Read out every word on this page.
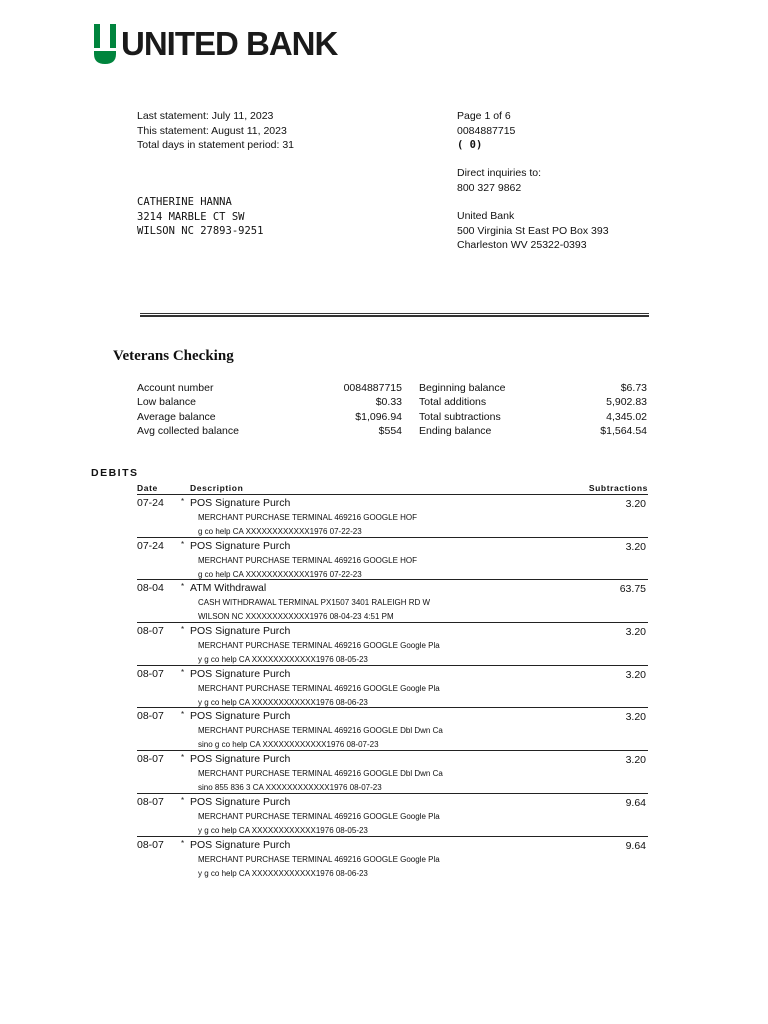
UNITED BANK
Last statement: July 11, 2023
This statement: August 11, 2023
Total days in statement period: 31
Page 1 of 6
0084887715
( 0)
Direct inquiries to:
800 327 9862
United Bank
500 Virginia St East PO Box 393
Charleston WV 25322-0393
CATHERINE HANNA
3214 MARBLE CT SW
WILSON NC 27893-9251
Veterans Checking
Account number	0084887715	Beginning balance	$6.73
Low balance	$0.33	Total additions	5,902.83
Average balance	$1,096.94	Total subtractions	4,345.02
Avg collected balance	$554	Ending balance	$1,564.54
DEBITS
Date	Description	Subtractions
07-24 * POS Signature Purch	3.20
MERCHANT PURCHASE TERMINAL 469216 GOOGLE HOF
g co help CA XXXXXXXXXXXX1976 07-22-23
07-24 * POS Signature Purch	3.20
MERCHANT PURCHASE TERMINAL 469216 GOOGLE HOF
g co help CA XXXXXXXXXXXX1976 07-22-23
08-04 * ATM Withdrawal	63.75
CASH WITHDRAWAL TERMINAL PX1507 3401 RALEIGH RD W
WILSON NC XXXXXXXXXXXX1976 08-04-23 4:51 PM
08-07 * POS Signature Purch	3.20
MERCHANT PURCHASE TERMINAL 469216 GOOGLE Google Pla
y g co help CA XXXXXXXXXXXX1976 08-05-23
08-07 * POS Signature Purch	3.20
MERCHANT PURCHASE TERMINAL 469216 GOOGLE Google Pla
y g co help CA XXXXXXXXXXXX1976 08-06-23
08-07 * POS Signature Purch	3.20
MERCHANT PURCHASE TERMINAL 469216 GOOGLE Dbl Dwn Ca
sino g co help CA XXXXXXXXXXXX1976 08-07-23
08-07 * POS Signature Purch	3.20
MERCHANT PURCHASE TERMINAL 469216 GOOGLE Dbl Dwn Ca
sino 855 836 3 CA XXXXXXXXXXXX1976 08-07-23
08-07 * POS Signature Purch	9.64
MERCHANT PURCHASE TERMINAL 469216 GOOGLE Google Pla
y g co help CA XXXXXXXXXXXX1976 08-05-23
08-07 * POS Signature Purch	9.64
MERCHANT PURCHASE TERMINAL 469216 GOOGLE Google Pla
y g co help CA XXXXXXXXXXXX1976 08-06-23
